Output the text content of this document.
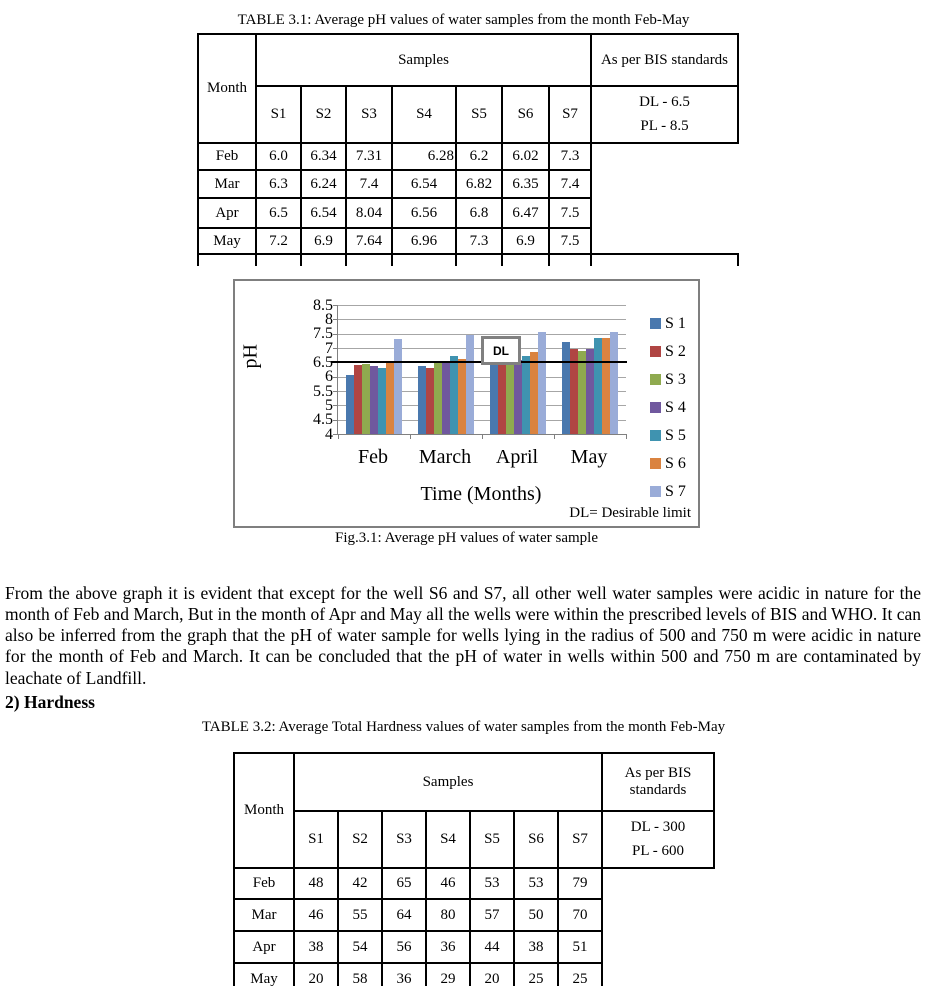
TABLE 3.1: Average pH values of water samples from the month Feb-May
Month	Samples							As per BIS standards
	S1	S2	S3	S4	S5	S6	S7	DL - 6.5
PL - 8.5

Feb	6.0	6.34	7.31	6.28	6.2	6.02	7.3	
Mar	6.3	6.24	7.4	6.54	6.82	6.35	7.4	
Apr	6.5	6.54	8.04	6.56	6.8	6.47	7.5	
May	7.2	6.9	7.64	6.96	7.3	6.9	7.5	

pH	DL
4
4.5
5
5.5
6
6.5
7
7.5
8
8.5
Feb	March	April	May
Time (Months)
S 1
S 2
S 3
S 4
S 5
S 6
S 7
DL= Desirable limit
Fig.3.1: Average pH values of water sample

From the above graph it is evident that except for the well S6 and S7, all other well water samples were acidic in nature for the month of Feb and March, But in the month of Apr and May all the wells were within the prescribed levels of BIS and WHO. It can also be inferred from the graph that the pH of water sample for wells lying in the radius of 500 and 750 m were acidic in nature for the month of Feb and March. It can be concluded that the pH of water in wells within 500 and 750 m are contaminated by leachate of Landfill.

2) Hardness
TABLE 3.2: Average Total Hardness values of water samples from the month Feb-May
Month	Samples							As per BIS standards
	S1	S2	S3	S4	S5	S6	S7	DL - 300
PL - 600

Feb	48	42	65	46	53	53	79	
Mar	46	55	64	80	57	50	70	
Apr	38	54	56	36	44	38	51	
May	20	58	36	29	20	25	25	
